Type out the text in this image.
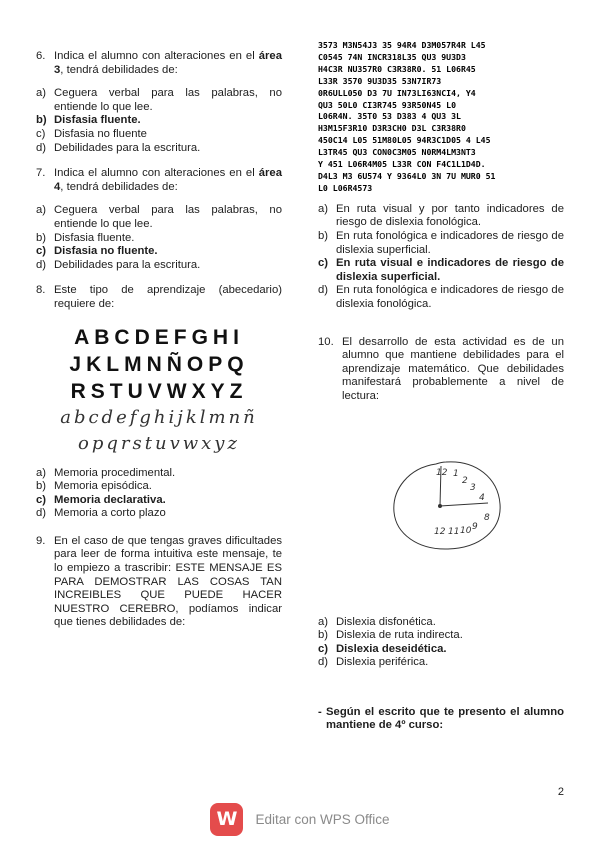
6. Indica el alumno con alteraciones en el área 3, tendrá debilidades de:
a) Ceguera verbal para las palabras, no entiende lo que lee.
b) Disfasia fluente.
c) Disfasia no fluente
d) Debilidades para la escritura.
7. Indica el alumno con alteraciones en el área 4, tendrá debilidades de:
a) Ceguera verbal para las palabras, no entiende lo que lee.
b) Disfasia fluente.
c) Disfasia no fluente.
d) Debilidades para la escritura.
8. Este tipo de aprendizaje (abecedario) requiere de:
ABCDEFGHI
JKLMNÑOPQ
RSTUVWXYZ
abcdefghijklmnñ
opqrstuvwxyz
a) Memoria procedimental.
b) Memoria episódica.
c) Memoria declarativa.
d) Memoria a corto plazo
9. En el caso de que tengas graves dificultades para leer de forma intuitiva este mensaje, te lo empiezo a trascribir: ESTE MENSAJE ES PARA DEMOSTRAR LAS COSAS TAN INCREIBLES QUE PUEDE HACER NUESTRO CEREBRO, podíamos indicar que tienes debilidades de:
3573 M3N54J3 35 94R4 D3M057R4R L45
C0545 74N INCR318L35 QU3 9U3D3
H4C3R NU357R0 C3R38R0. 51 L06R45
L33R 3570 9U3D35 53N7IR73
0R6ULL050 D3 7U IN73LI63NCI4, Y4
QU3 50L0 CI3R745 93R50N45 L0
L06R4N. 35T0 53 D383 4 QU3 3L
H3M15F3R10 D3R3CH0 D3L C3R38R0
450C14 L05 51M80L05 94R3C1D05 4 L45
L3TR45 QU3 CON0C3M05 N0RM4LM3NT3
Y 451 L06R4M05 L33R CON F4C1L1D4D.
D4L3 M3 6U574 Y 9364L0 3N 7U MUR0 51
L0 L06R4573
a) En ruta visual y por tanto indicadores de riesgo de dislexia fonológica.
b) En ruta fonológica e indicadores de riesgo de dislexia superficial.
c) En ruta visual e indicadores de riesgo de dislexia superficial.
d) En ruta fonológica e indicadores de riesgo de dislexia fonológica.
10. El desarrollo de esta actividad es de un alumno que mantiene debilidades para el aprendizaje matemático. Que debilidades manifestará probablemente a nivel de lectura:
12 1
2
3
4
8
9
10
11
12
a) Dislexia disfonética.
b) Dislexia de ruta indirecta.
c) Dislexia deseidética.
d) Dislexia periférica.
- Según el escrito que te presento el alumno mantiene de 4º curso:
2
W	Editar con WPS Office
